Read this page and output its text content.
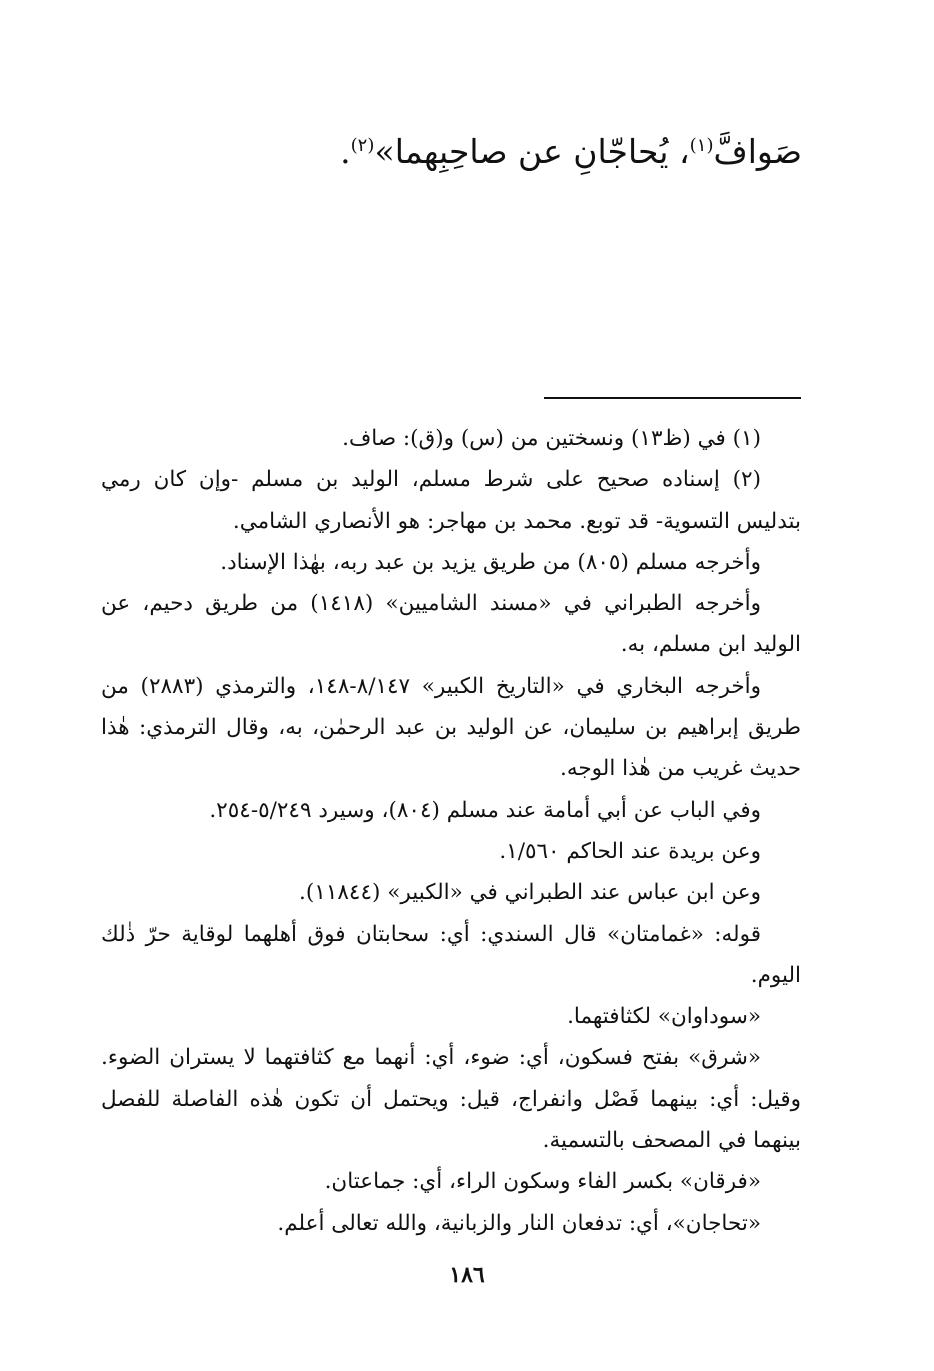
صَوافَّ$^{(١)}$، يُحاجّانِ عن صاحِبِهما»$^{(٢)}$.

(١) في (ظ١٣) ونسختين من (س) و(ق): صاف.

(٢) إسناده صحيح على شرط مسلم، الوليد بن مسلم -وإن كان رمي بتدليس التسوية- قد توبع. محمد بن مهاجر: هو الأنصاري الشامي.

وأخرجه مسلم (٨٠٥) من طريق يزيد بن عبد ربه، بهٰذا الإسناد.

وأخرجه الطبراني في «مسند الشاميين» (١٤١٨) من طريق دحيم، عن الوليد ابن مسلم، به.

وأخرجه البخاري في «التاريخ الكبير» ٨/١٤٧-١٤٨، والترمذي (٢٨٨٣) من طريق إبراهيم بن سليمان، عن الوليد بن عبد الرحمٰن، به، وقال الترمذي: هٰذا حديث غريب من هٰذا الوجه.

وفي الباب عن أبي أمامة عند مسلم (٨٠٤)، وسيرد ٥/٢٤٩-٢٥٤.

وعن بريدة عند الحاكم ١/٥٦٠.

وعن ابن عباس عند الطبراني في «الكبير» (١١٨٤٤).

قوله: «غمامتان» قال السندي: أي: سحابتان فوق أهلهما لوقاية حرّ ذٰلك اليوم.

«سوداوان» لكثافتهما.

«شرق» بفتح فسكون، أي: ضوء، أي: أنهما مع كثافتهما لا يستران الضوء. وقيل: أي: بينهما فَصْل وانفراج، قيل: ويحتمل أن تكون هٰذه الفاصلة للفصل بينهما في المصحف بالتسمية.

«فرقان» بكسر الفاء وسكون الراء، أي: جماعتان.

«تحاجان»، أي: تدفعان النار والزبانية، والله تعالى أعلم.

١٨٦
